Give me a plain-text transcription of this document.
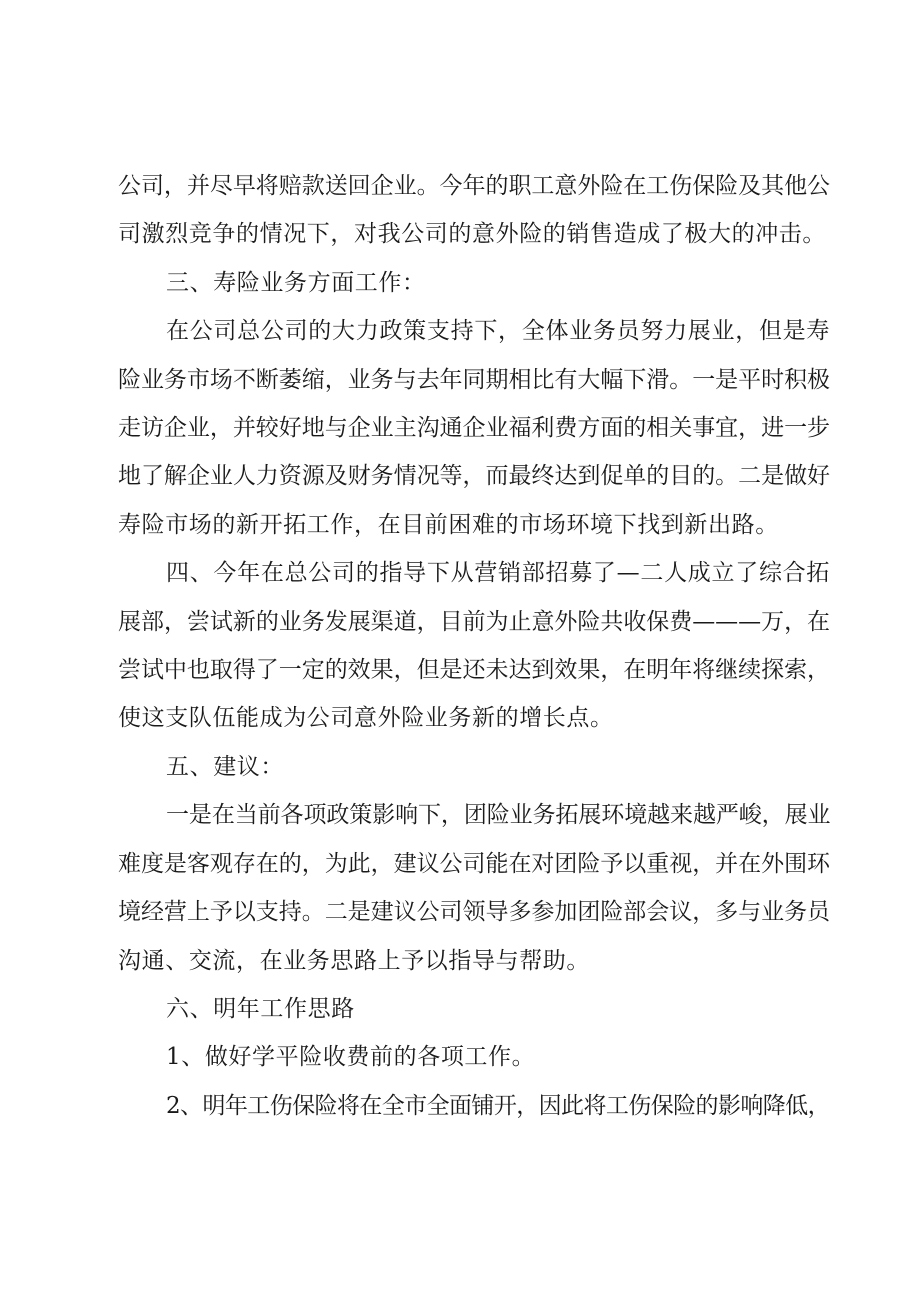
公司，并尽早将赔款送回企业。今年的职工意外险在工伤保险及其他公
司激烈竞争的情况下，对我公司的意外险的销售造成了极大的冲击。
三、寿险业务方面工作：
在公司总公司的大力政策支持下，全体业务员努力展业，但是寿
险业务市场不断萎缩，业务与去年同期相比有大幅下滑。一是平时积极
走访企业，并较好地与企业主沟通企业福利费方面的相关事宜，进一步
地了解企业人力资源及财务情况等，而最终达到促单的目的。二是做好
寿险市场的新开拓工作，在目前困难的市场环境下找到新出路。
四、今年在总公司的指导下从营销部招募了—二人成立了综合拓
展部，尝试新的业务发展渠道，目前为止意外险共收保费———万，在
尝试中也取得了一定的效果，但是还未达到效果，在明年将继续探索，
使这支队伍能成为公司意外险业务新的增长点。
五、建议：
一是在当前各项政策影响下，团险业务拓展环境越来越严峻，展业
难度是客观存在的，为此，建议公司能在对团险予以重视，并在外围环
境经营上予以支持。二是建议公司领导多参加团险部会议，多与业务员
沟通、交流，在业务思路上予以指导与帮助。
六、明年工作思路
1、做好学平险收费前的各项工作。
2、明年工伤保险将在全市全面铺开，因此将工伤保险的影响降低，
